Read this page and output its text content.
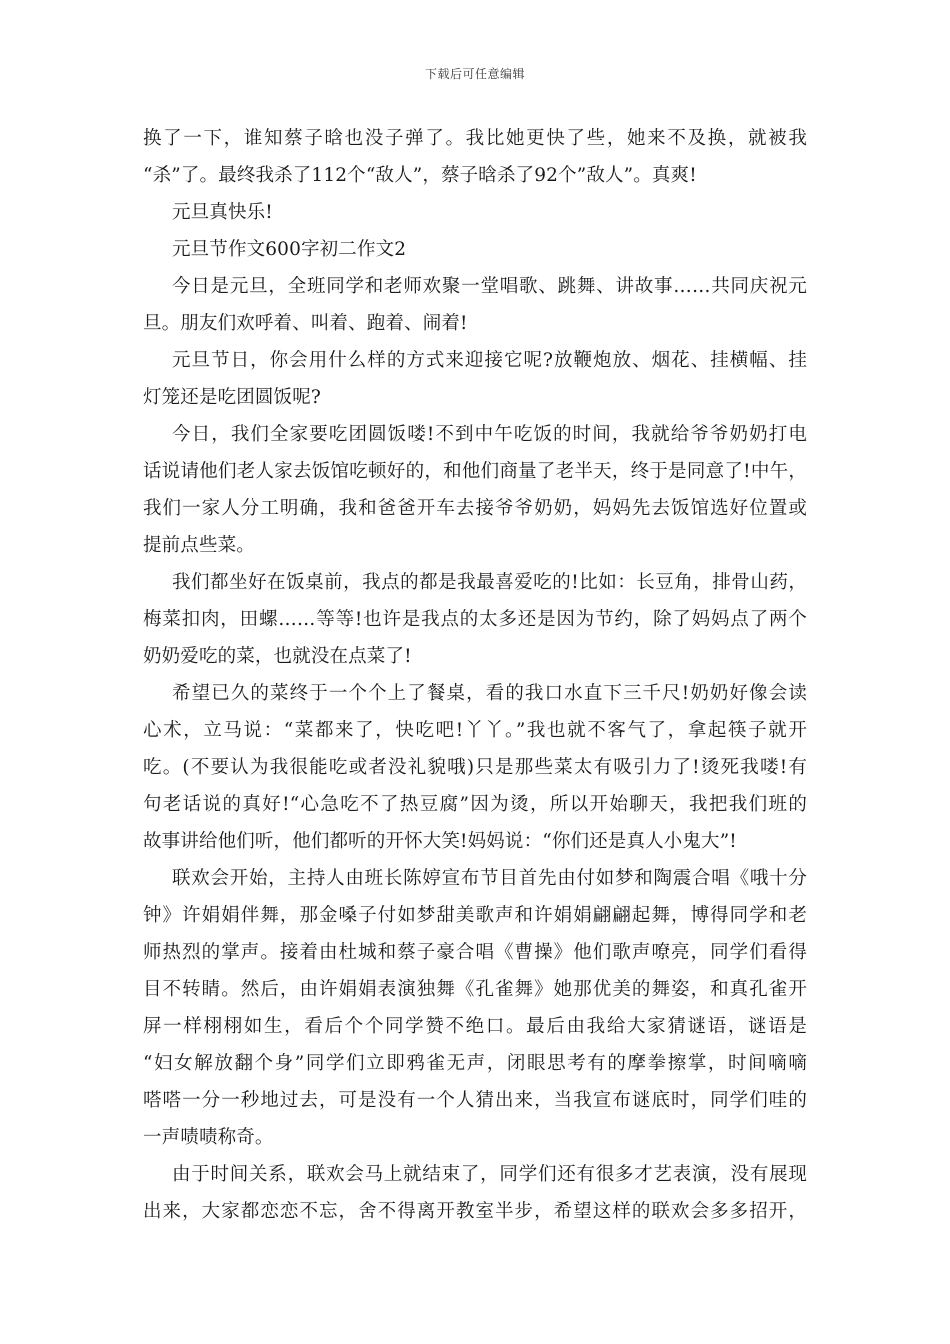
下载后可任意编辑
换了一下，谁知蔡子晗也没子弹了。我比她更快了些，她来不及换，就被我
“杀”了。最终我杀了112个“敌人”，蔡子晗杀了92个”敌人”。真爽!
元旦真快乐!
元旦节作文600字初二作文2
今日是元旦，全班同学和老师欢聚一堂唱歌、跳舞、讲故事……共同庆祝元
旦。朋友们欢呼着、叫着、跑着、闹着!
元旦节日，你会用什么样的方式来迎接它呢?放鞭炮放、烟花、挂横幅、挂
灯笼还是吃团圆饭呢?
今日，我们全家要吃团圆饭喽!不到中午吃饭的时间，我就给爷爷奶奶打电
话说请他们老人家去饭馆吃顿好的，和他们商量了老半天，终于是同意了!中午，
我们一家人分工明确，我和爸爸开车去接爷爷奶奶，妈妈先去饭馆选好位置或
提前点些菜。
我们都坐好在饭桌前，我点的都是我最喜爱吃的!比如：长豆角，排骨山药，
梅菜扣肉，田螺……等等!也许是我点的太多还是因为节约，除了妈妈点了两个
奶奶爱吃的菜，也就没在点菜了!
希望已久的菜终于一个个上了餐桌，看的我口水直下三千尺!奶奶好像会读
心术，立马说：“菜都来了，快吃吧!丫丫。”我也就不客气了，拿起筷子就开
吃。(不要认为我很能吃或者没礼貌哦)只是那些菜太有吸引力了!烫死我喽!有
句老话说的真好!“心急吃不了热豆腐”因为烫，所以开始聊天，我把我们班的
故事讲给他们听，他们都听的开怀大笑!妈妈说：“你们还是真人小鬼大”!
联欢会开始，主持人由班长陈婷宣布节目首先由付如梦和陶震合唱《哦十分
钟》许娟娟伴舞，那金嗓子付如梦甜美歌声和许娟娟翩翩起舞，博得同学和老
师热烈的掌声。接着由杜城和蔡子豪合唱《曹操》他们歌声嘹亮，同学们看得
目不转睛。然后，由许娟娟表演独舞《孔雀舞》她那优美的舞姿，和真孔雀开
屏一样栩栩如生，看后个个同学赞不绝口。最后由我给大家猜谜语，谜语是
“妇女解放翻个身”同学们立即鸦雀无声，闭眼思考有的摩拳擦掌，时间嘀嘀
嗒嗒一分一秒地过去，可是没有一个人猜出来，当我宣布谜底时，同学们哇的
一声啧啧称奇。
由于时间关系，联欢会马上就结束了，同学们还有很多才艺表演，没有展现
出来，大家都恋恋不忘，舍不得离开教室半步，希望这样的联欢会多多招开，
